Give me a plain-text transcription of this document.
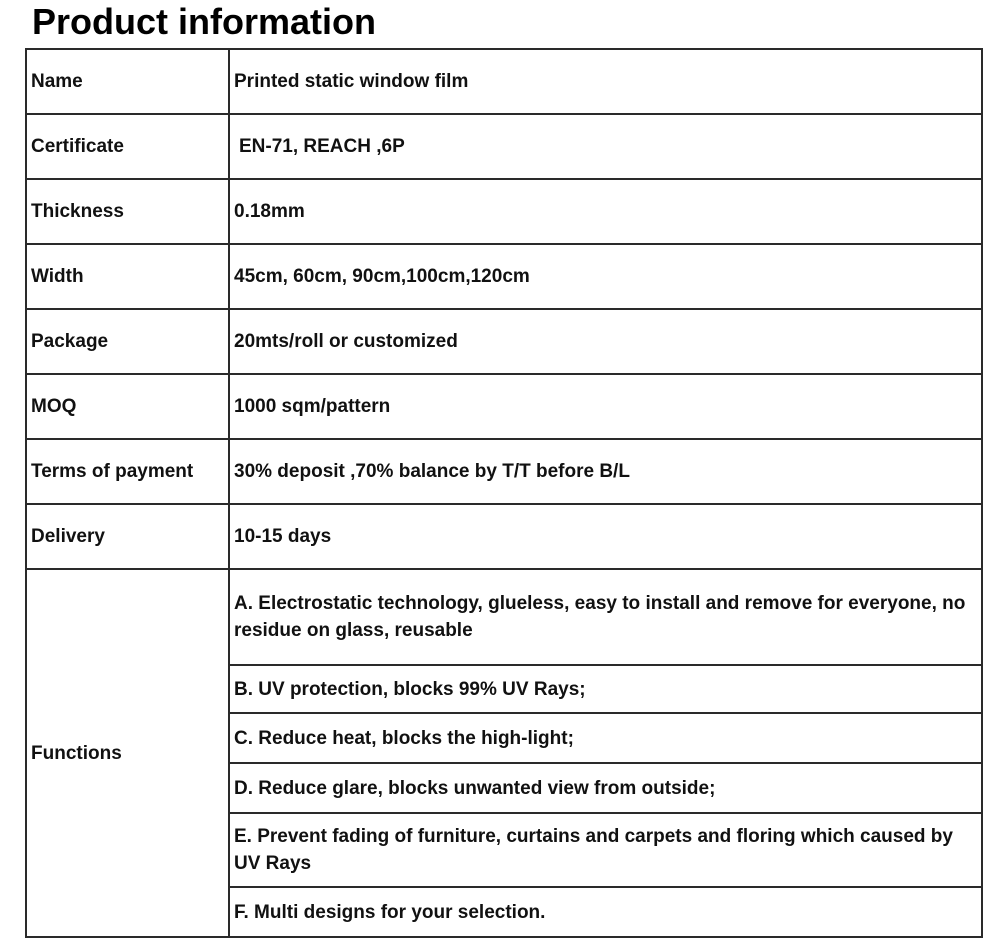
Product information
Name	Printed static window film
Certificate	EN-71, REACH ,6P
Thickness	0.18mm
Width	45cm, 60cm, 90cm,100cm,120cm
Package	20mts/roll or customized
MOQ	1000 sqm/pattern
Terms of payment	30% deposit ,70% balance by T/T before B/L
Delivery	10-15 days
Functions	A. Electrostatic technology, glueless, easy to install and remove for everyone, no residue on glass, reusable
	B. UV protection, blocks 99% UV Rays;
	C. Reduce heat, blocks the high-light;
	D. Reduce glare, blocks unwanted view from outside;
	E. Prevent fading of furniture, curtains and carpets and floring which caused by UV Rays
	F. Multi designs for your selection.
